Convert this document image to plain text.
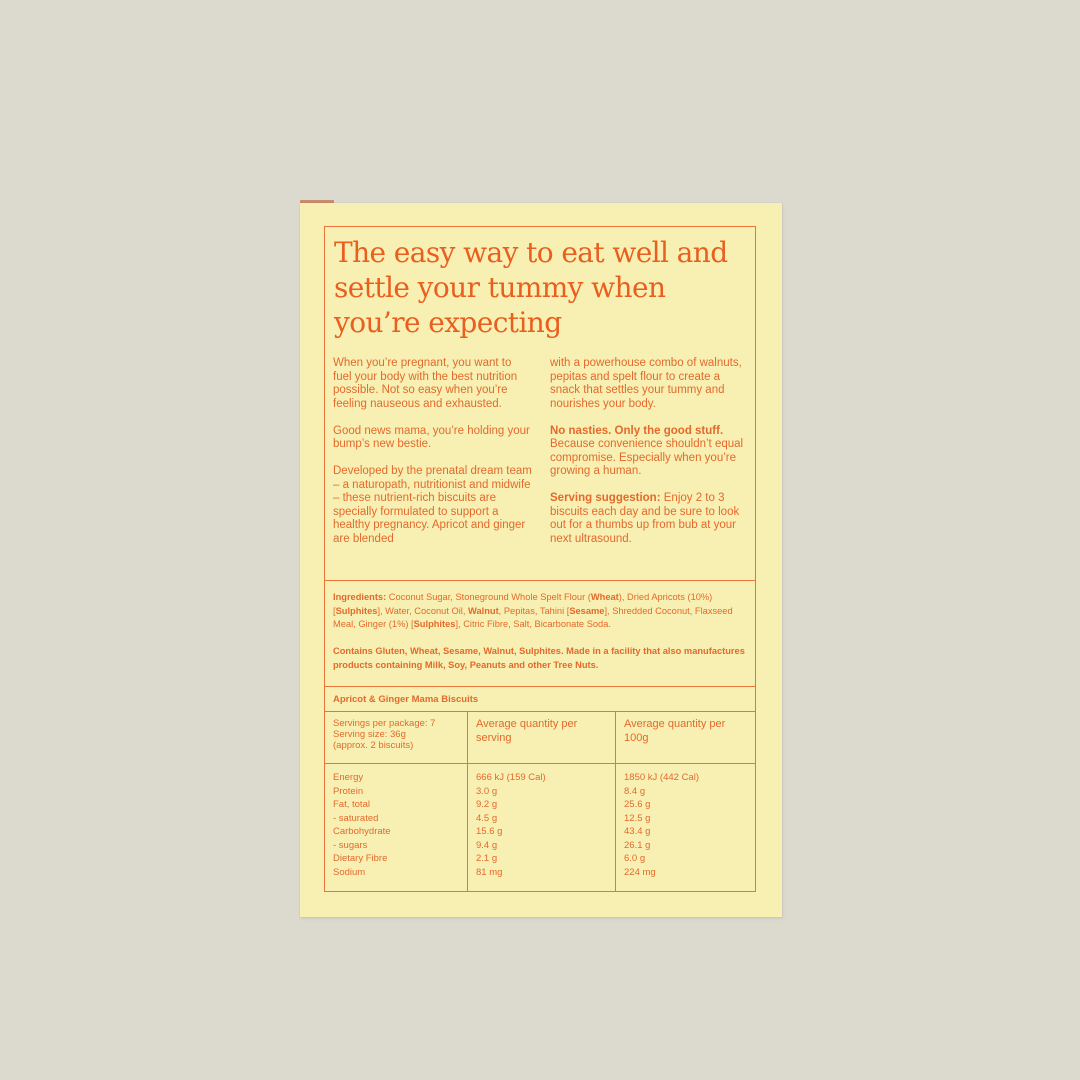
The easy way to eat well and settle your tummy when you’re expecting

When you’re pregnant, you want to fuel your body with the best nutrition possible. Not so easy when you’re feeling nauseous and exhausted.

Good news mama, you’re holding your bump’s new bestie.

Developed by the prenatal dream team – a naturopath, nutritionist and midwife – these nutrient-rich biscuits are specially formulated to support a healthy pregnancy. Apricot and ginger are blended

with a powerhouse combo of walnuts, pepitas and spelt flour to create a snack that settles your tummy and nourishes your body.

No nasties. Only the good stuff.
Because convenience shouldn’t equal compromise. Especially when you’re growing a human.

Serving suggestion: Enjoy 2 to 3 biscuits each day and be sure to look out for a thumbs up from bub at your next ultrasound.

Ingredients: Coconut Sugar, Stoneground Whole Spelt Flour (Wheat), Dried Apricots (10%) [Sulphites], Water, Coconut Oil, Walnut, Pepitas, Tahini [Sesame], Shredded Coconut, Flaxseed Meal, Ginger (1%) [Sulphites], Citric Fibre, Salt, Bicarbonate Soda.
Contains Gluten, Wheat, Sesame, Walnut, Sulphites. Made in a facility that also manufactures products containing Milk, Soy, Peanuts and other Tree Nuts.
Apricot & Ginger Mama Biscuits
Servings per package: 7
Serving size: 36g
(approx. 2 biscuits)
Average quantity per serving
Average quantity per 100g
Energy
Protein
Fat, total
- saturated
Carbohydrate
- sugars
Dietary Fibre
Sodium
666 kJ (159 Cal)
3.0 g
9.2 g
4.5 g
15.6 g
9.4 g
2.1 g
81 mg
1850 kJ (442 Cal)
8.4 g
25.6 g
12.5 g
43.4 g
26.1 g
6.0 g
224 mg
